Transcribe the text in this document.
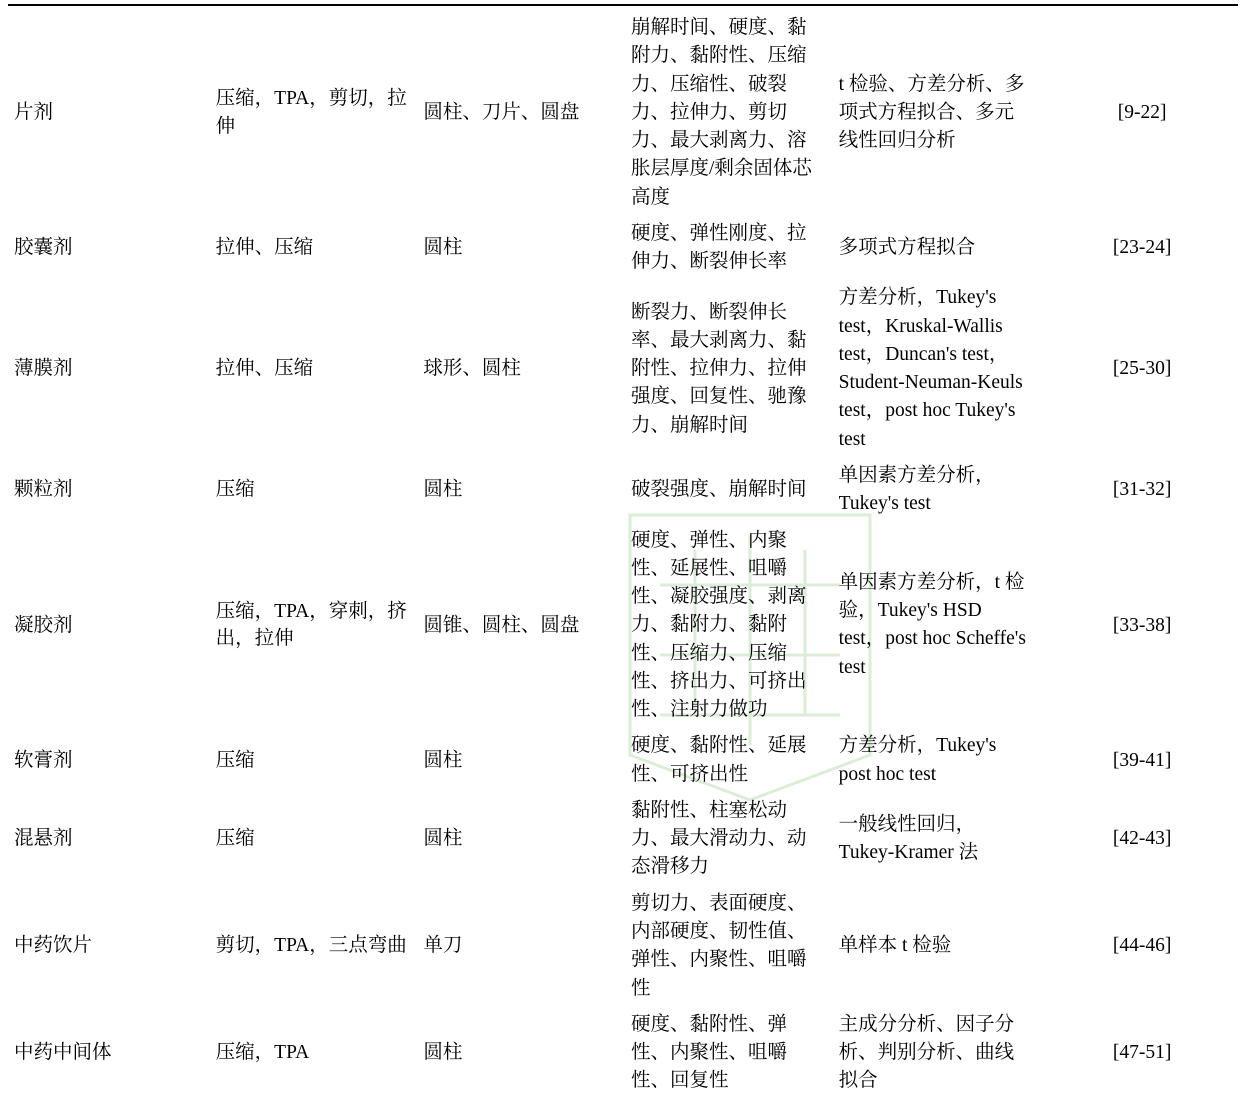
片剂	压缩，TPA，剪切，拉伸	圆柱、刀片、圆盘	崩解时间、硬度、黏附力、黏附性、压缩力、压缩性、破裂力、拉伸力、剪切力、最大剥离力、溶胀层厚度/剩余固体芯高度	t 检验、方差分析、多项式方程拟合、多元线性回归分析	[9-22]
胶囊剂	拉伸、压缩	圆柱	硬度、弹性刚度、拉伸力、断裂伸长率	多项式方程拟合	[23-24]
薄膜剂	拉伸、压缩	球形、圆柱	断裂力、断裂伸长率、最大剥离力、黏附性、拉伸力、拉伸强度、回复性、驰豫力、崩解时间	方差分析，Tukey's test，Kruskal-Wallis test，Duncan's test，Student-Neuman-Keuls test，post hoc Tukey's test	[25-30]
颗粒剂	压缩	圆柱	破裂强度、崩解时间	单因素方差分析，Tukey's test	[31-32]
凝胶剂	压缩，TPA，穿刺，挤出，拉伸	圆锥、圆柱、圆盘	硬度、弹性、内聚性、延展性、咀嚼性、凝胶强度、剥离力、黏附力、黏附性、压缩力、压缩性、挤出力、可挤出性、注射力做功	单因素方差分析，t 检验，Tukey's HSD test，post hoc Scheffe's test	[33-38]
软膏剂	压缩	圆柱	硬度、黏附性、延展性、可挤出性	方差分析，Tukey's post hoc test	[39-41]
混悬剂	压缩	圆柱	黏附性、柱塞松动力、最大滑动力、动态滑移力	一般线性回归，Tukey-Kramer 法	[42-43]
中药饮片	剪切，TPA，三点弯曲	单刀	剪切力、表面硬度、内部硬度、韧性值、弹性、内聚性、咀嚼性	单样本 t 检验	[44-46]
中药中间体	压缩，TPA	圆柱	硬度、黏附性、弹性、内聚性、咀嚼性、回复性	主成分分析、因子分析、判别分析、曲线拟合	[47-51]
